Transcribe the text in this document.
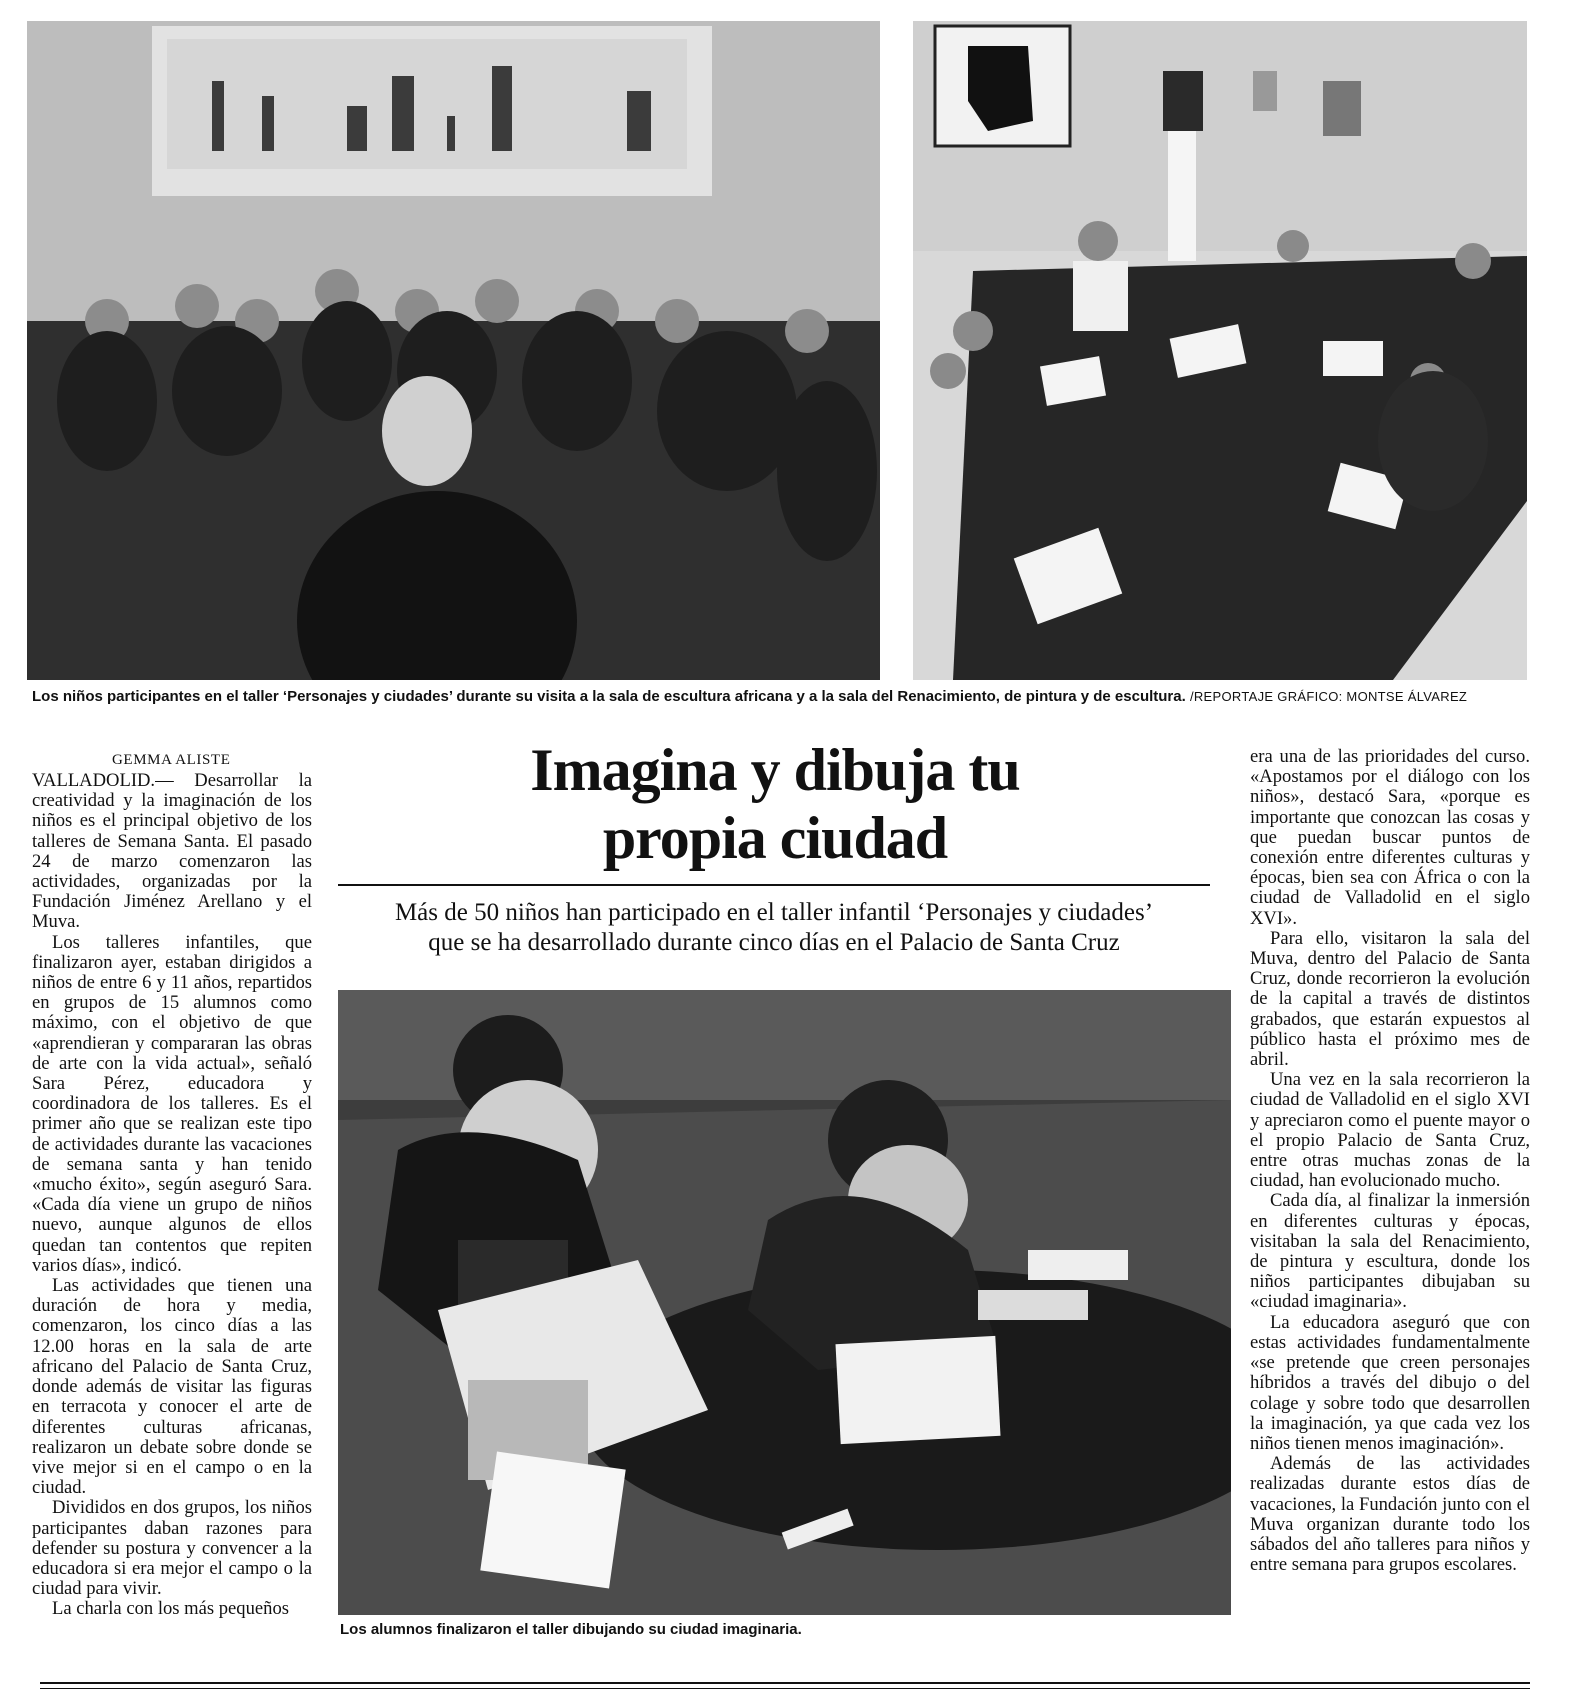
Los niños participantes en el taller ‘Personajes y ciudades’ durante su visita a la sala de escultura africana y a la sala del Renacimiento, de pintura y de escultura. /REPORTAJE GRÁFICO: MONTSE ÁLVAREZ
GEMMA ALISTE

VALLADOLID.— Desarrollar la creatividad y la imaginación de los niños es el principal objetivo de los talleres de Semana Santa. El pasado 24 de marzo comenzaron las actividades, organizadas por la Fundación Jiménez Arellano y el Muva.

Los talleres infantiles, que finalizaron ayer, estaban dirigidos a niños de entre 6 y 11 años, repartidos en grupos de 15 alumnos como máximo, con el objetivo de que «aprendieran y compararan las obras de arte con la vida actual», señaló Sara Pérez, educadora y coordinadora de los talleres. Es el primer año que se realizan este tipo de actividades durante las vacaciones de semana santa y han tenido «mucho éxito», según aseguró Sara. «Cada día viene un grupo de niños nuevo, aunque algunos de ellos quedan tan contentos que repiten varios días», indicó.

Las actividades que tienen una duración de hora y media, comenzaron, los cinco días a las 12.00 horas en la sala de arte africano del Palacio de Santa Cruz, donde además de visitar las figuras en terracota y conocer el arte de diferentes culturas africanas, realizaron un debate sobre donde se vive mejor si en el campo o en la ciudad.

Divididos en dos grupos, los niños participantes daban razones para defender su postura y convencer a la educadora si era mejor el campo o la ciudad para vivir.

La charla con los más pequeños

Imagina y dibuja tu
propia ciudad
Más de 50 niños han participado en el taller infantil ‘Personajes y ciudades’
que se ha desarrollado durante cinco días en el Palacio de Santa Cruz
Los alumnos finalizaron el taller dibujando su ciudad imaginaria.

era una de las prioridades del curso. «Apostamos por el diálogo con los niños», destacó Sara, «porque es importante que conozcan las cosas y que puedan buscar puntos de conexión entre diferentes culturas y épocas, bien sea con África o con la ciudad de Valladolid en el siglo XVI».

Para ello, visitaron la sala del Muva, dentro del Palacio de Santa Cruz, donde recorrieron la evolución de la capital a través de distintos grabados, que estarán expuestos al público hasta el próximo mes de abril.

Una vez en la sala recorrieron la ciudad de Valladolid en el siglo XVI y apreciaron como el puente mayor o el propio Palacio de Santa Cruz, entre otras muchas zonas de la ciudad, han evolucionado mucho.

Cada día, al finalizar la inmersión en diferentes culturas y épocas, visitaban la sala del Renacimiento, de pintura y escultura, donde los niños participantes dibujaban su «ciudad imaginaria».

La educadora aseguró que con estas actividades fundamentalmente «se pretende que creen personajes híbridos a través del dibujo o del colage y sobre todo que desarrollen la imaginación, ya que cada vez los niños tienen menos imaginación».

Además de las actividades realizadas durante estos días de vacaciones, la Fundación junto con el Muva organizan durante todo los sábados del año talleres para niños y entre semana para grupos escolares.
